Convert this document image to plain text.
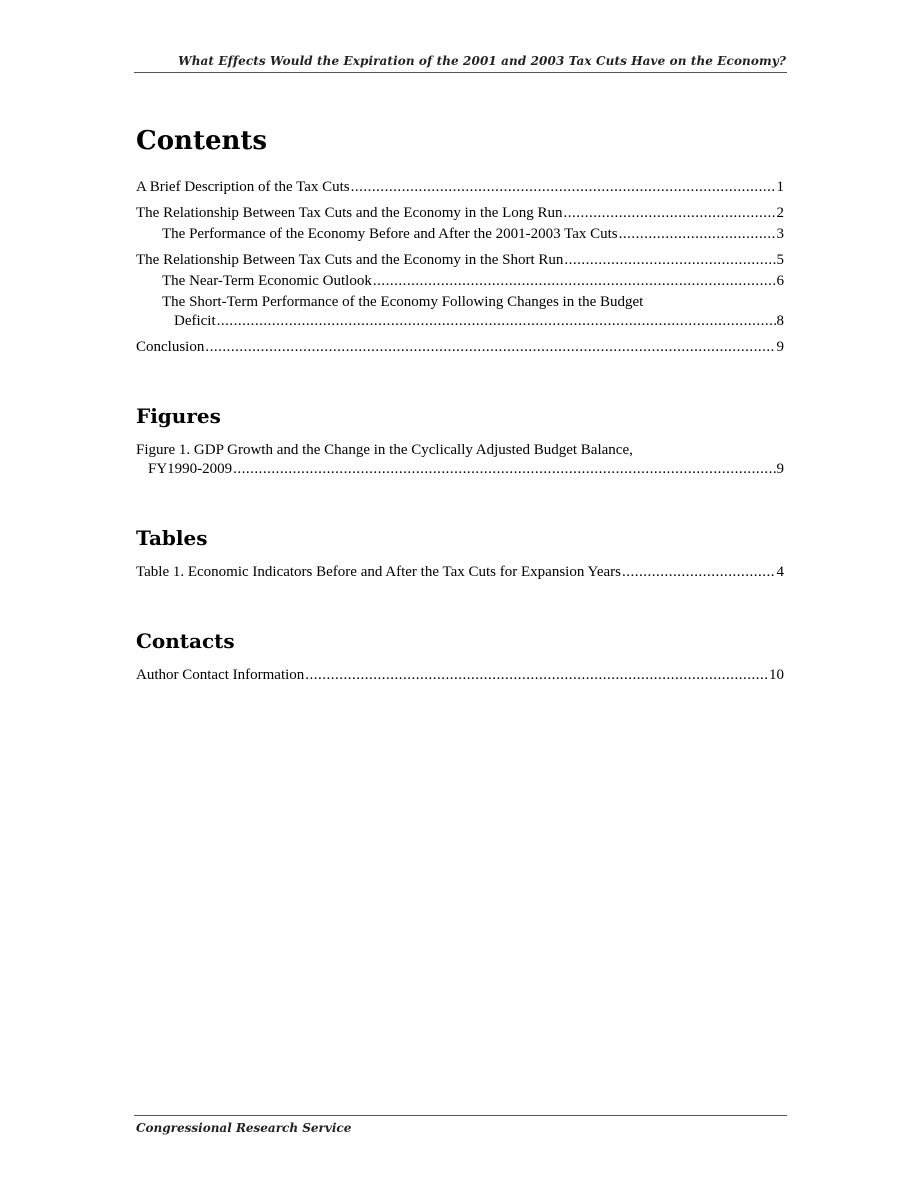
What Effects Would the Expiration of the 2001 and 2003 Tax Cuts Have on the Economy?
Contents
A Brief Description of the Tax Cuts .....	1
The Relationship Between Tax Cuts and the Economy in the Long Run .....	2
The Performance of the Economy Before and After the 2001-2003 Tax Cuts .....	3
The Relationship Between Tax Cuts and the Economy in the Short Run .....	5
The Near-Term Economic Outlook .....	6
The Short-Term Performance of the Economy Following Changes in the Budget
Deficit .....	8
Conclusion .....	9
Figures
Figure 1. GDP Growth and the Change in the Cyclically Adjusted Budget Balance,
FY1990-2009 .....	9
Tables
Table 1. Economic Indicators Before and After the Tax Cuts for Expansion Years .....	4
Contacts
Author Contact Information .....	10
Congressional Research Service
